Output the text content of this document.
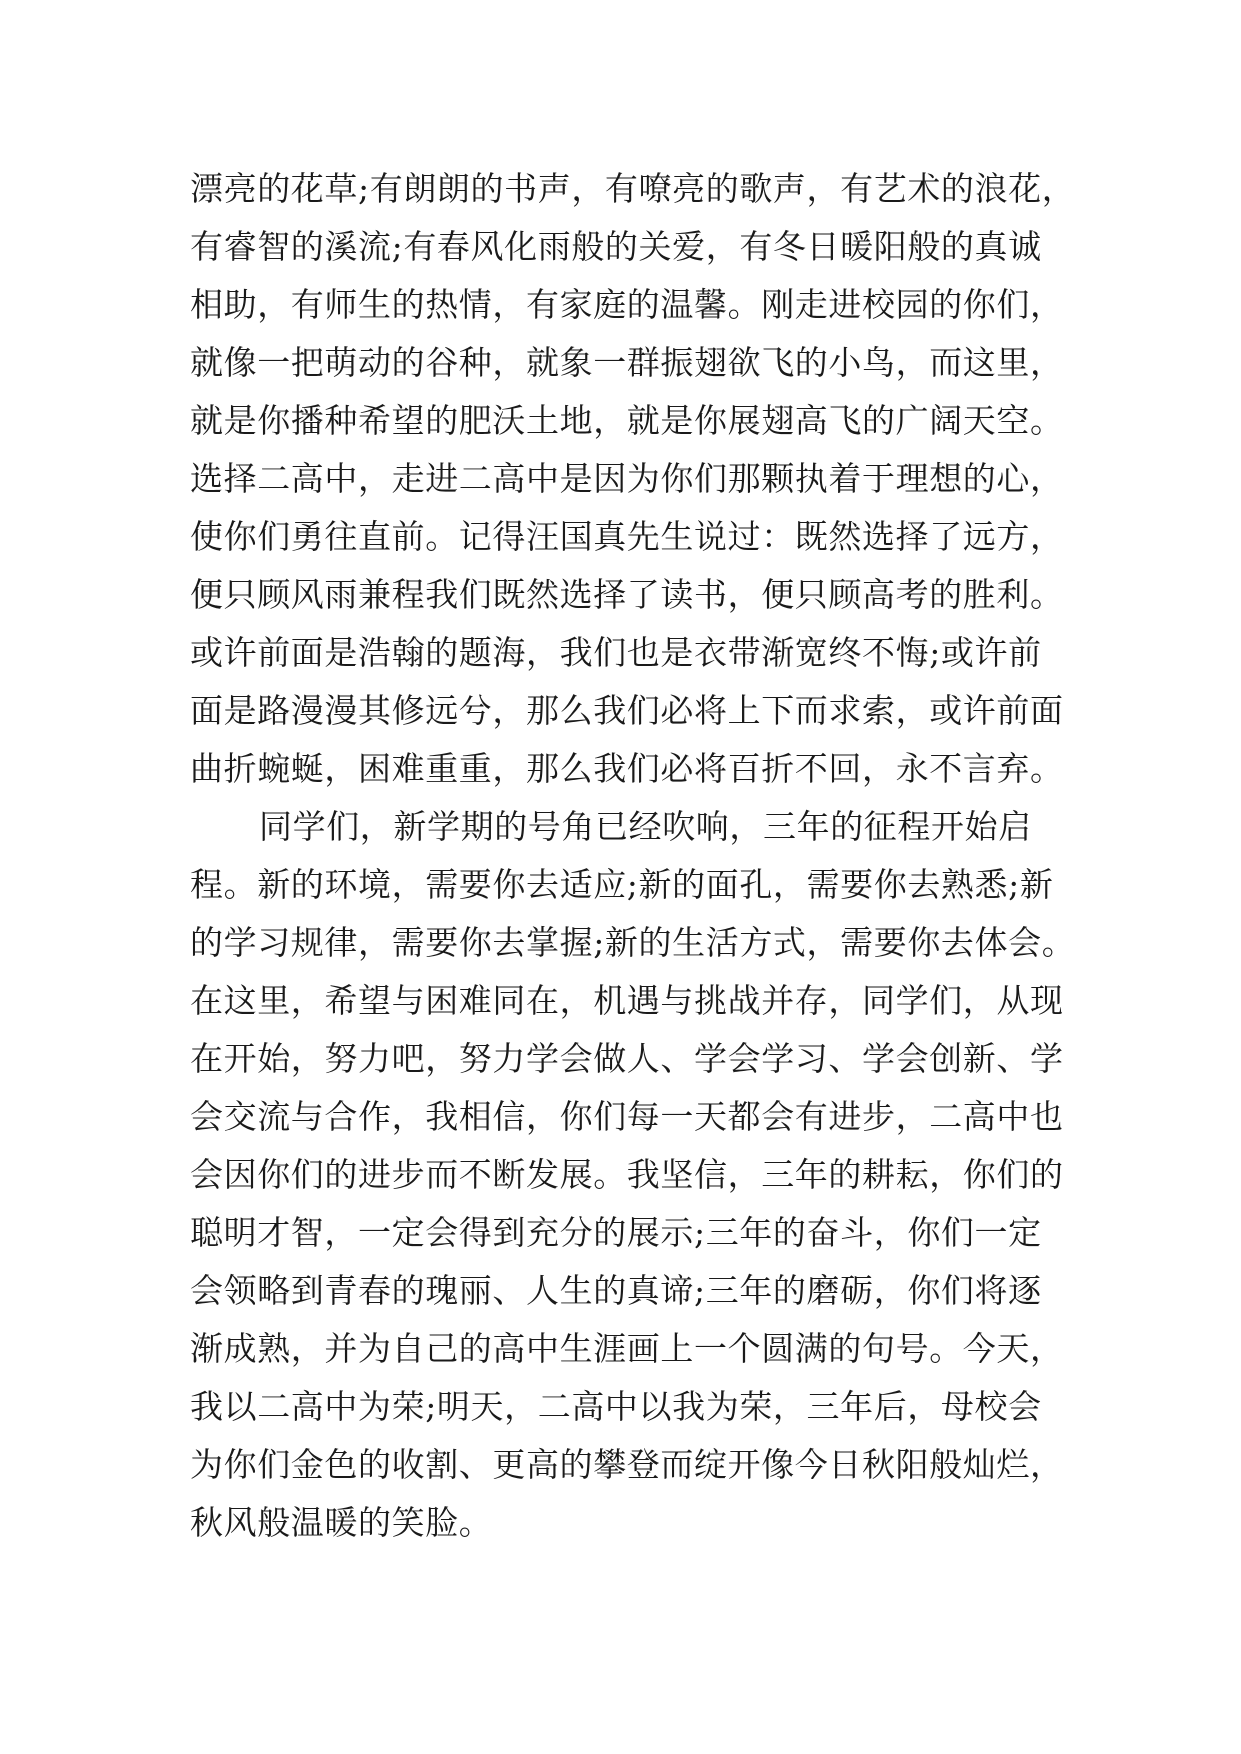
漂亮的花草;有朗朗的书声，有嘹亮的歌声，有艺术的浪花，
有睿智的溪流;有春风化雨般的关爱，有冬日暖阳般的真诚
相助，有师生的热情，有家庭的温馨。刚走进校园的你们，
就像一把萌动的谷种，就象一群振翅欲飞的小鸟，而这里，
就是你播种希望的肥沃土地，就是你展翅高飞的广阔天空。
选择二高中，走进二高中是因为你们那颗执着于理想的心，
使你们勇往直前。记得汪国真先生说过：既然选择了远方，
便只顾风雨兼程我们既然选择了读书，便只顾高考的胜利。
或许前面是浩翰的题海，我们也是衣带渐宽终不悔;或许前
面是路漫漫其修远兮，那么我们必将上下而求索，或许前面
曲折蜿蜒，困难重重，那么我们必将百折不回，永不言弃。
同学们，新学期的号角已经吹响，三年的征程开始启
程。新的环境，需要你去适应;新的面孔，需要你去熟悉;新
的学习规律，需要你去掌握;新的生活方式，需要你去体会。
在这里，希望与困难同在，机遇与挑战并存，同学们，从现
在开始，努力吧，努力学会做人、学会学习、学会创新、学
会交流与合作，我相信，你们每一天都会有进步，二高中也
会因你们的进步而不断发展。我坚信，三年的耕耘，你们的
聪明才智，一定会得到充分的展示;三年的奋斗，你们一定
会领略到青春的瑰丽、人生的真谛;三年的磨砺，你们将逐
渐成熟，并为自己的高中生涯画上一个圆满的句号。今天，
我以二高中为荣;明天，二高中以我为荣，三年后，母校会
为你们金色的收割、更高的攀登而绽开像今日秋阳般灿烂，
秋风般温暖的笑脸。
